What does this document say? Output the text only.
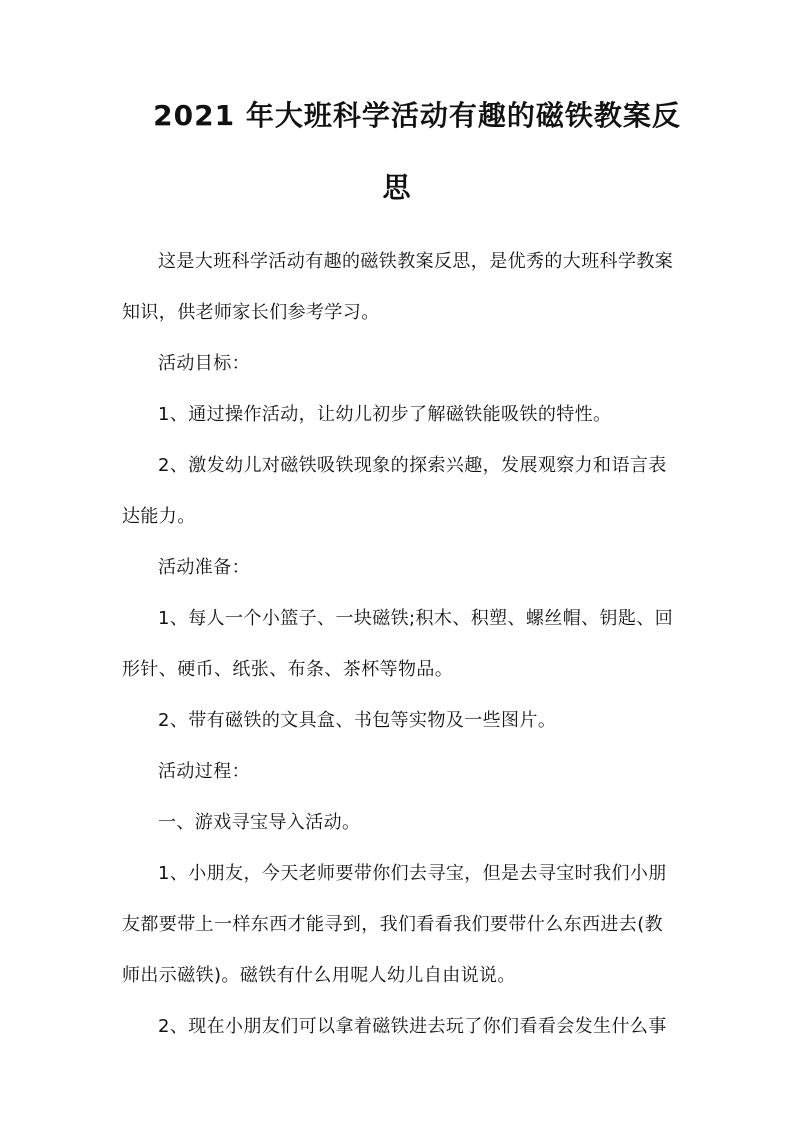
2021 年大班科学活动有趣的磁铁教案反
思
这是大班科学活动有趣的磁铁教案反思，是优秀的大班科学教案
知识，供老师家长们参考学习。
活动目标：
1、通过操作活动，让幼儿初步了解磁铁能吸铁的特性。
2、激发幼儿对磁铁吸铁现象的探索兴趣，发展观察力和语言表
达能力。
活动准备：
1、每人一个小篮子、一块磁铁;积木、积塑、螺丝帽、钥匙、回
形针、硬币、纸张、布条、茶杯等物品。
2、带有磁铁的文具盒、书包等实物及一些图片。
活动过程：
一、游戏寻宝导入活动。
1、小朋友，今天老师要带你们去寻宝，但是去寻宝时我们小朋
友都要带上一样东西才能寻到，我们看看我们要带什么东西进去(教
师出示磁铁)。磁铁有什么用呢人幼儿自由说说。
2、现在小朋友们可以拿着磁铁进去玩了你们看看会发生什么事
